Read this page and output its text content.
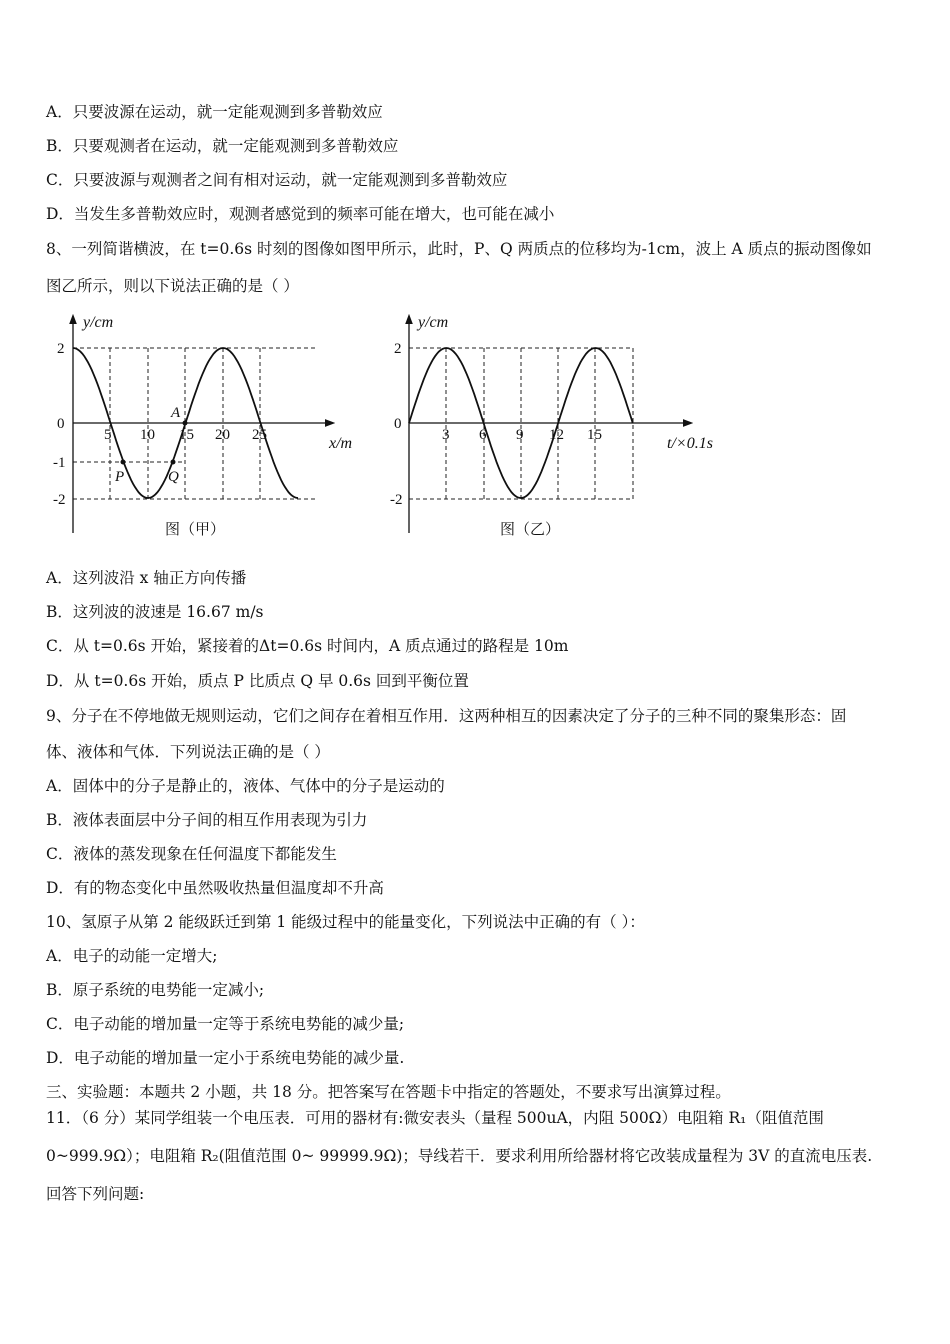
A．只要波源在运动，就一定能观测到多普勒效应
B．只要观测者在运动，就一定能观测到多普勒效应
C．只要波源与观测者之间有相对运动，就一定能观测到多普勒效应
D．当发生多普勒效应时，观测者感觉到的频率可能在增大，也可能在减小
8、一列简谐横波，在 t=0.6s 时刻的图像如图甲所示，此时，P、Q 两质点的位移均为-1cm，波上 A 质点的振动图像如
图乙所示，则以下说法正确的是（ ）
y/cm
x/m
2
0
-1
-2
5 10 15 20 25
A
P	Q
图（甲）
y/cm
t/×0.1s
2
0
-2
3 6 9 12 15
图（乙）
A．这列波沿 x 轴正方向传播
B．这列波的波速是 16.67 m/s
C．从 t=0.6s 开始，紧接着的Δt=0.6s 时间内，A 质点通过的路程是 10m
D．从 t=0.6s 开始，质点 P 比质点 Q 早 0.6s 回到平衡位置
9、分子在不停地做无规则运动，它们之间存在着相互作用．这两种相互的因素决定了分子的三种不同的聚集形态：固
体、液体和气体．下列说法正确的是（ ）
A．固体中的分子是静止的，液体、气体中的分子是运动的
B．液体表面层中分子间的相互作用表现为引力
C．液体的蒸发现象在任何温度下都能发生
D．有的物态变化中虽然吸收热量但温度却不升高
10、氢原子从第 2 能级跃迁到第 1 能级过程中的能量变化，下列说法中正确的有（ ）：
A．电子的动能一定增大;
B．原子系统的电势能一定减小;
C．电子动能的增加量一定等于系统电势能的减少量;
D．电子动能的增加量一定小于系统电势能的减少量.
三、实验题：本题共 2 小题，共 18 分。把答案写在答题卡中指定的答题处，不要求写出演算过程。
11．（6 分）某同学组装一个电压表．可用的器材有:微安表头（量程 500uA，内阻 500Ω）电阻箱 R₁（阻值范围
0~999.9Ω）；电阻箱 R₂(阻值范围 0~ 99999.9Ω)；导线若干．要求利用所给器材将它改装成量程为 3V 的直流电压表.
回答下列问题:
